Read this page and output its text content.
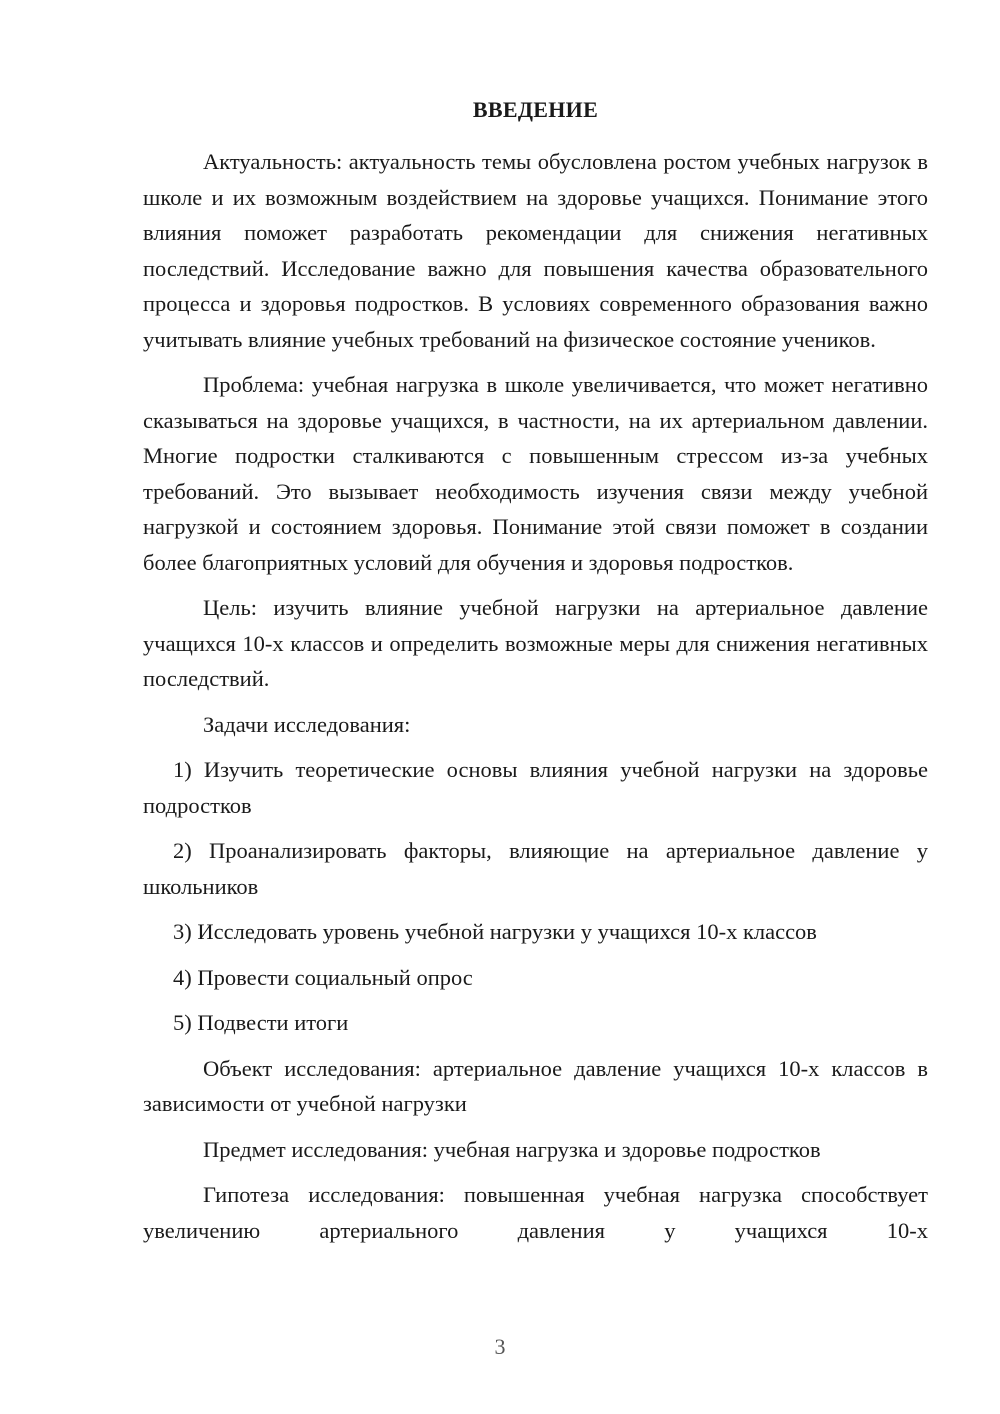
ВВЕДЕНИЕ

Актуальность: актуальность темы обусловлена ростом учебных нагрузок в школе и их возможным воздействием на здоровье учащихся. Понимание этого влияния поможет разработать рекомендации для снижения негативных последствий. Исследование важно для повышения качества образовательного процесса и здоровья подростков. В условиях современного образования важно учитывать влияние учебных требований на физическое состояние учеников.

Проблема: учебная нагрузка в школе увеличивается, что может негативно сказываться на здоровье учащихся, в частности, на их артериальном давлении. Многие подростки сталкиваются с повышенным стрессом из-за учебных требований. Это вызывает необходимость изучения связи между учебной нагрузкой и состоянием здоровья. Понимание этой связи поможет в создании более благоприятных условий для обучения и здоровья подростков.

Цель: изучить влияние учебной нагрузки на артериальное давление учащихся 10-х классов и определить возможные меры для снижения негативных последствий.

Задачи исследования:

1) Изучить теоретические основы влияния учебной нагрузки на здоровье подростков

2) Проанализировать факторы, влияющие на артериальное давление у школьников

3) Исследовать уровень учебной нагрузки у учащихся 10-х классов

4) Провести социальный опрос

5) Подвести итоги

Объект исследования: артериальное давление учащихся 10-х классов в зависимости от учебной нагрузки

Предмет исследования: учебная нагрузка и здоровье подростков

Гипотеза исследования: повышенная учебная нагрузка способствует увеличению артериального давления у учащихся 10-х

3
